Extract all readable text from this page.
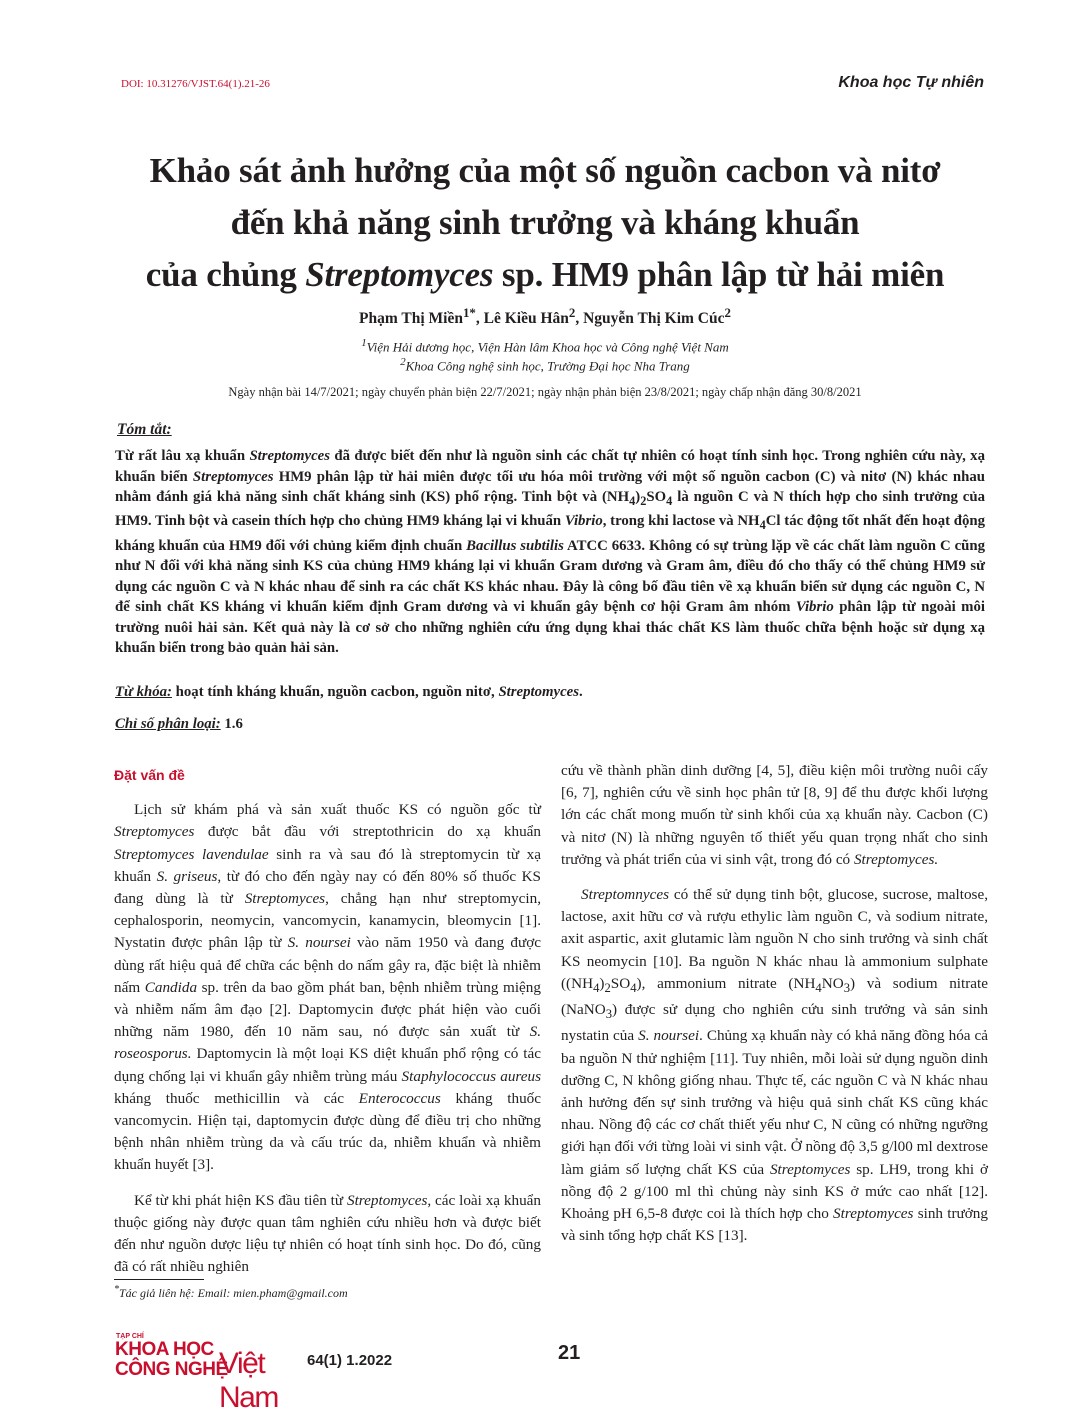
DOI: 10.31276/VJST.64(1).21-26	Khoa học Tự nhiên
Khảo sát ảnh hưởng của một số nguồn cacbon và nitơ
đến khả năng sinh trưởng và kháng khuẩn
của chủng Streptomyces sp. HM9 phân lập từ hải miên
Phạm Thị Miền$^{1*}$, Lê Kiều Hân$^2$, Nguyễn Thị Kim Cúc$^2$
$^1$Viện Hải dương học, Viện Hàn lâm Khoa học và Công nghệ Việt Nam
$^2$Khoa Công nghệ sinh học, Trường Đại học Nha Trang
Ngày nhận bài 14/7/2021; ngày chuyển phản biện 22/7/2021; ngày nhận phản biện 23/8/2021; ngày chấp nhận đăng 30/8/2021
Tóm tắt:
Từ rất lâu xạ khuẩn Streptomyces đã được biết đến như là nguồn sinh các chất tự nhiên có hoạt tính sinh học. Trong nghiên cứu này, xạ khuẩn biển Streptomyces HM9 phân lập từ hải miên được tối ưu hóa môi trường với một số nguồn cacbon (C) và nitơ (N) khác nhau nhằm đánh giá khả năng sinh chất kháng sinh (KS) phổ rộng. Tinh bột và $(NH_4)_2SO_4$ là nguồn C và N thích hợp cho sinh trưởng của HM9. Tinh bột và casein thích hợp cho chủng HM9 kháng lại vi khuẩn Vibrio, trong khi lactose và $NH_4Cl$ tác động tốt nhất đến hoạt động kháng khuẩn của HM9 đối với chủng kiểm định chuẩn Bacillus subtilis ATCC 6633. Không có sự trùng lặp về các chất làm nguồn C cũng như N đối với khả năng sinh KS của chủng HM9 kháng lại vi khuẩn Gram dương và Gram âm, điều đó cho thấy có thể chủng HM9 sử dụng các nguồn C và N khác nhau để sinh ra các chất KS khác nhau. Đây là công bố đầu tiên về xạ khuẩn biển sử dụng các nguồn C, N để sinh chất KS kháng vi khuẩn kiểm định Gram dương và vi khuẩn gây bệnh cơ hội Gram âm nhóm Vibrio phân lập từ ngoài môi trường nuôi hải sản. Kết quả này là cơ sở cho những nghiên cứu ứng dụng khai thác chất KS làm thuốc chữa bệnh hoặc sử dụng xạ khuẩn biển trong bảo quản hải sản.
Từ khóa: hoạt tính kháng khuẩn, nguồn cacbon, nguồn nitơ, Streptomyces.
Chỉ số phân loại: 1.6

Đặt vấn đề

Lịch sử khám phá và sản xuất thuốc KS có nguồn gốc từ Streptomyces được bắt đầu với streptothricin do xạ khuẩn Streptomyces lavendulae sinh ra và sau đó là streptomycin từ xạ khuẩn S. griseus, từ đó cho đến ngày nay có đến 80% số thuốc KS đang dùng là từ Streptomyces, chẳng hạn như streptomycin, cephalosporin, neomycin, vancomycin, kanamycin, bleomycin [1]. Nystatin được phân lập từ S. noursei vào năm 1950 và đang được dùng rất hiệu quả để chữa các bệnh do nấm gây ra, đặc biệt là nhiễm nấm Candida sp. trên da bao gồm phát ban, bệnh nhiễm trùng miệng và nhiễm nấm âm đạo [2]. Daptomycin được phát hiện vào cuối những năm 1980, đến 10 năm sau, nó được sản xuất từ S. roseosporus. Daptomycin là một loại KS diệt khuẩn phổ rộng có tác dụng chống lại vi khuẩn gây nhiễm trùng máu Staphylococcus aureus kháng thuốc methicillin và các Enterococcus kháng thuốc vancomycin. Hiện tại, daptomycin được dùng để điều trị cho những bệnh nhân nhiễm trùng da và cấu trúc da, nhiễm khuẩn và nhiễm khuẩn huyết [3].

Kể từ khi phát hiện KS đầu tiên từ Streptomyces, các loài xạ khuẩn thuộc giống này được quan tâm nghiên cứu nhiều hơn và được biết đến như nguồn dược liệu tự nhiên có hoạt tính sinh học. Do đó, cũng đã có rất nhiều nghiên

cứu về thành phần dinh dưỡng [4, 5], điều kiện môi trường nuôi cấy [6, 7], nghiên cứu về sinh học phân tử [8, 9] để thu được khối lượng lớn các chất mong muốn từ sinh khối của xạ khuẩn này. Cacbon (C) và nitơ (N) là những nguyên tố thiết yếu quan trọng nhất cho sinh trưởng và phát triển của vi sinh vật, trong đó có Streptomyces.

Streptomnyces có thể sử dụng tinh bột, glucose, sucrose, maltose, lactose, axit hữu cơ và rượu ethylic làm nguồn C, và sodium nitrate, axit aspartic, axit glutamic làm nguồn N cho sinh trưởng và sinh chất KS neomycin [10]. Ba nguồn N khác nhau là ammonium sulphate $((NH_4)_2SO_4)$, ammonium nitrate $(NH_4NO_3)$ và sodium nitrate (NaNO$_3$) được sử dụng cho nghiên cứu sinh trưởng và sản sinh nystatin của S. noursei. Chủng xạ khuẩn này có khả năng đồng hóa cả ba nguồn N thử nghiệm [11]. Tuy nhiên, mỗi loài sử dụng nguồn dinh dưỡng C, N không giống nhau. Thực tế, các nguồn C và N khác nhau ảnh hưởng đến sự sinh trưởng và hiệu quả sinh chất KS cũng khác nhau. Nồng độ các cơ chất thiết yếu như C, N cũng có những ngưỡng giới hạn đối với từng loài vi sinh vật. Ở nồng độ 3,5 g/l00 ml dextrose làm giảm số lượng chất KS của Streptomyces sp. LH9, trong khi ở nồng độ 2 g/100 ml thì chủng này sinh KS ở mức cao nhất [12]. Khoảng pH 6,5-8 được coi là thích hợp cho Streptomyces sinh trưởng và sinh tổng hợp chất KS [13].

*Tác giả liên hệ: Email: mien.pham@gmail.com
TẠP CHÍ
KHOA HỌC
CÔNG NGHỆ
Việt Nam
64(1) 1.2022	21
